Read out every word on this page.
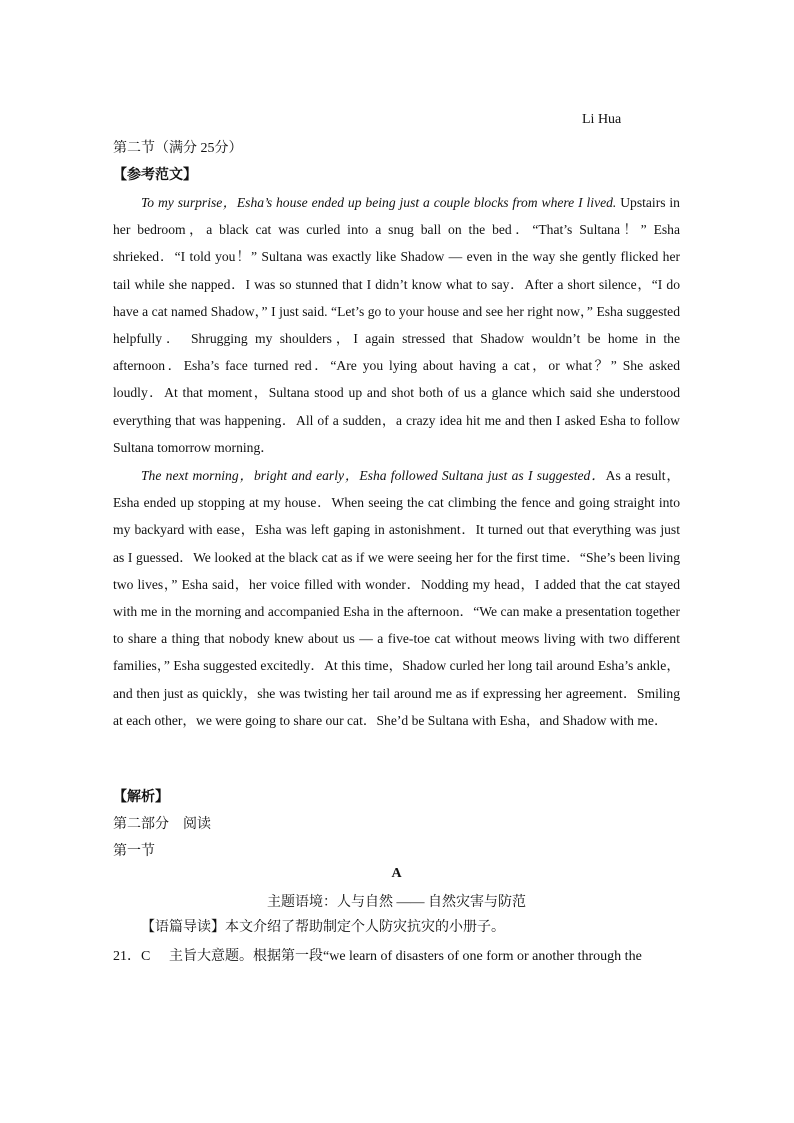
Li Hua
第二节（满分 25分）
【参考范文】

To my surprise，Esha’s house ended up being just a couple blocks from where I lived. Upstairs in her bedroom，a black cat was curled into a snug ball on the bed．“That’s Sultana！” Esha shrieked．“I told you！” Sultana was exactly like Shadow — even in the way she gently flicked her tail while she napped．I was so stunned that I didn’t know what to say．After a short silence，“I do have a cat named Shadow，” I just said. “Let’s go to your house and see her right now，” Esha suggested helpfully． Shrugging my shoulders，I again stressed that Shadow wouldn’t be home in the afternoon．Esha’s face turned red．“Are you lying about having a cat，or what？” She asked loudly．At that moment，Sultana stood up and shot both of us a glance which said she understood everything that was happening．All of a sudden，a crazy idea hit me and then I asked Esha to follow Sultana tomorrow morning．

The next morning，bright and early，Esha followed Sultana just as I suggested．As a result，Esha ended up stopping at my house．When seeing the cat climbing the fence and going straight into my backyard with ease，Esha was left gaping in astonishment．It turned out that everything was just as I guessed．We looked at the black cat as if we were seeing her for the first time．“She’s been living two lives，” Esha said，her voice filled with wonder．Nodding my head，I added that the cat stayed with me in the morning and accompanied Esha in the afternoon．“We can make a presentation together to share a thing that nobody knew about us — a five-toe cat without meows living with two different families，” Esha suggested excitedly．At this time，Shadow curled her long tail around Esha’s ankle，and then just as quickly，she was twisting her tail around me as if expressing her agreement．Smiling at each other，we were going to share our cat．She’d be Sultana with Esha，and Shadow with me．

【解析】
第二部分　阅读
第一节
A
主题语境：人与自然 —— 自然灾害与防范
【语篇导读】本文介绍了帮助制定个人防灾抗灾的小册子。
21．C 主旨大意题。根据第一段“we learn of disasters of one form or another through the
